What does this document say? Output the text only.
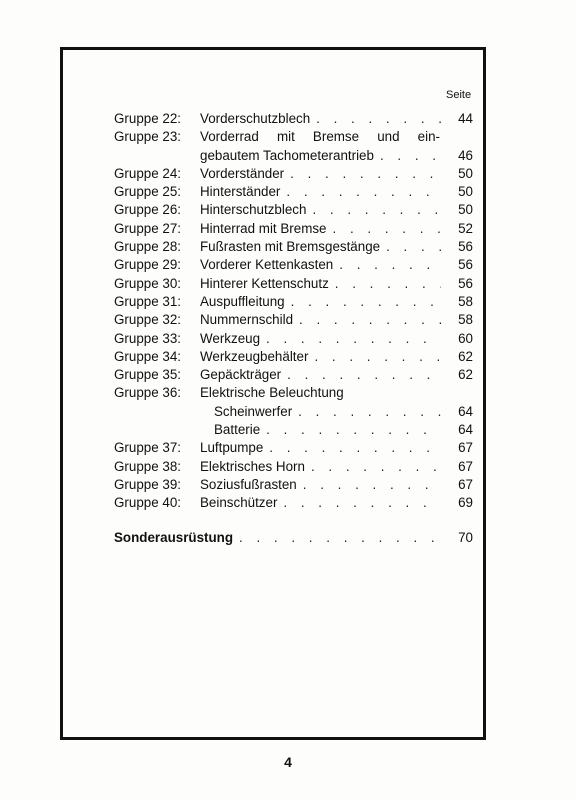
Seite
Gruppe 22:	Vorderschutzblech . . .	44
Gruppe 23:	Vorderrad mit Bremse und ein-
gebautem Tachometerantrieb . . .	46
Gruppe 24:	Vorderständer . . .	50
Gruppe 25:	Hinterständer . . .	50
Gruppe 26:	Hinterschutzblech . . .	50
Gruppe 27:	Hinterrad mit Bremse . . .	52
Gruppe 28:	Fußrasten mit Bremsgestänge . . .	56
Gruppe 29:	Vorderer Kettenkasten . . .	56
Gruppe 30:	Hinterer Kettenschutz . . .	56
Gruppe 31:	Auspuffleitung . . .	58
Gruppe 32:	Nummernschild . . .	58
Gruppe 33:	Werkzeug . . .	60
Gruppe 34:	Werkzeugbehälter . . .	62
Gruppe 35:	Gepäckträger . . .	62
Gruppe 36:	Elektrische Beleuchtung
Scheinwerfer . . .	64
Batterie . . .	64
Gruppe 37:	Luftpumpe . . .	67
Gruppe 38:	Elektrisches Horn . . .	67
Gruppe 39:	Soziusfußrasten . . .	67
Gruppe 40:	Beinschützer . . .	69
Sonderausrüstung . . .	70
4
